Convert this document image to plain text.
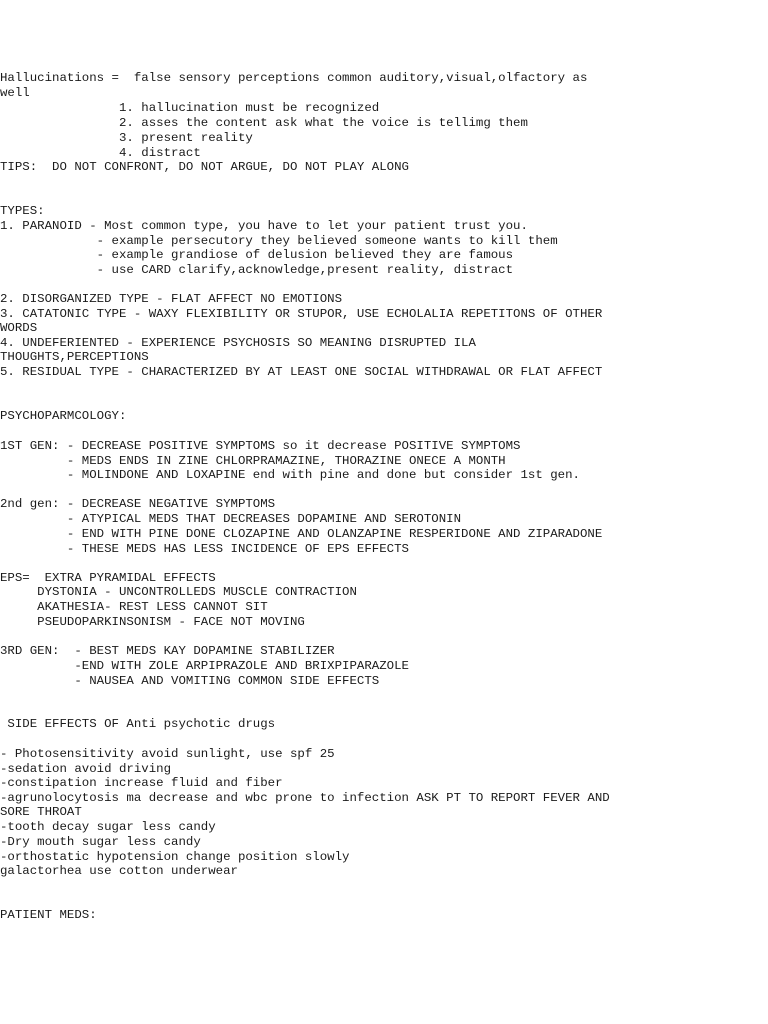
Hallucinations =  false sensory perceptions common auditory,visual,olfactory as

well

1. hallucination must be recognized

2. asses the content ask what the voice is tellimg them

3. present reality

4. distract

TIPS:  DO NOT CONFRONT, DO NOT ARGUE, DO NOT PLAY ALONG

TYPES:

1. PARANOID - Most common type, you have to let your patient trust you.

- example persecutory they believed someone wants to kill them

- example grandiose of delusion believed they are famous

- use CARD clarify,acknowledge,present reality, distract

2. DISORGANIZED TYPE - FLAT AFFECT NO EMOTIONS

3. CATATONIC TYPE - WAXY FLEXIBILITY OR STUPOR, USE ECHOLALIA REPETITONS OF OTHER

WORDS

4. UNDEFERIENTED - EXPERIENCE PSYCHOSIS SO MEANING DISRUPTED ILA

THOUGHTS,PERCEPTIONS

5. RESIDUAL TYPE - CHARACTERIZED BY AT LEAST ONE SOCIAL WITHDRAWAL OR FLAT AFFECT

PSYCHOPARMCOLOGY:

1ST GEN: - DECREASE POSITIVE SYMPTOMS so it decrease POSITIVE SYMPTOMS

- MEDS ENDS IN ZINE CHLORPRAMAZINE, THORAZINE ONECE A MONTH

- MOLINDONE AND LOXAPINE end with pine and done but consider 1st gen.

2nd gen: - DECREASE NEGATIVE SYMPTOMS

- ATYPICAL MEDS THAT DECREASES DOPAMINE AND SEROTONIN

- END WITH PINE DONE CLOZAPINE AND OLANZAPINE RESPERIDONE AND ZIPARADONE

- THESE MEDS HAS LESS INCIDENCE OF EPS EFFECTS

EPS=  EXTRA PYRAMIDAL EFFECTS

DYSTONIA - UNCONTROLLEDS MUSCLE CONTRACTION

AKATHESIA- REST LESS CANNOT SIT

PSEUDOPARKINSONISM - FACE NOT MOVING

3RD GEN:  - BEST MEDS KAY DOPAMINE STABILIZER

-END WITH ZOLE ARPIPRAZOLE AND BRIXPIPARAZOLE

- NAUSEA AND VOMITING COMMON SIDE EFFECTS

SIDE EFFECTS OF Anti psychotic drugs

- Photosensitivity avoid sunlight, use spf 25

-sedation avoid driving

-constipation increase fluid and fiber

-agrunolocytosis ma decrease and wbc prone to infection ASK PT TO REPORT FEVER AND

SORE THROAT

-tooth decay sugar less candy

-Dry mouth sugar less candy

-orthostatic hypotension change position slowly

galactorhea use cotton underwear

PATIENT MEDS:
